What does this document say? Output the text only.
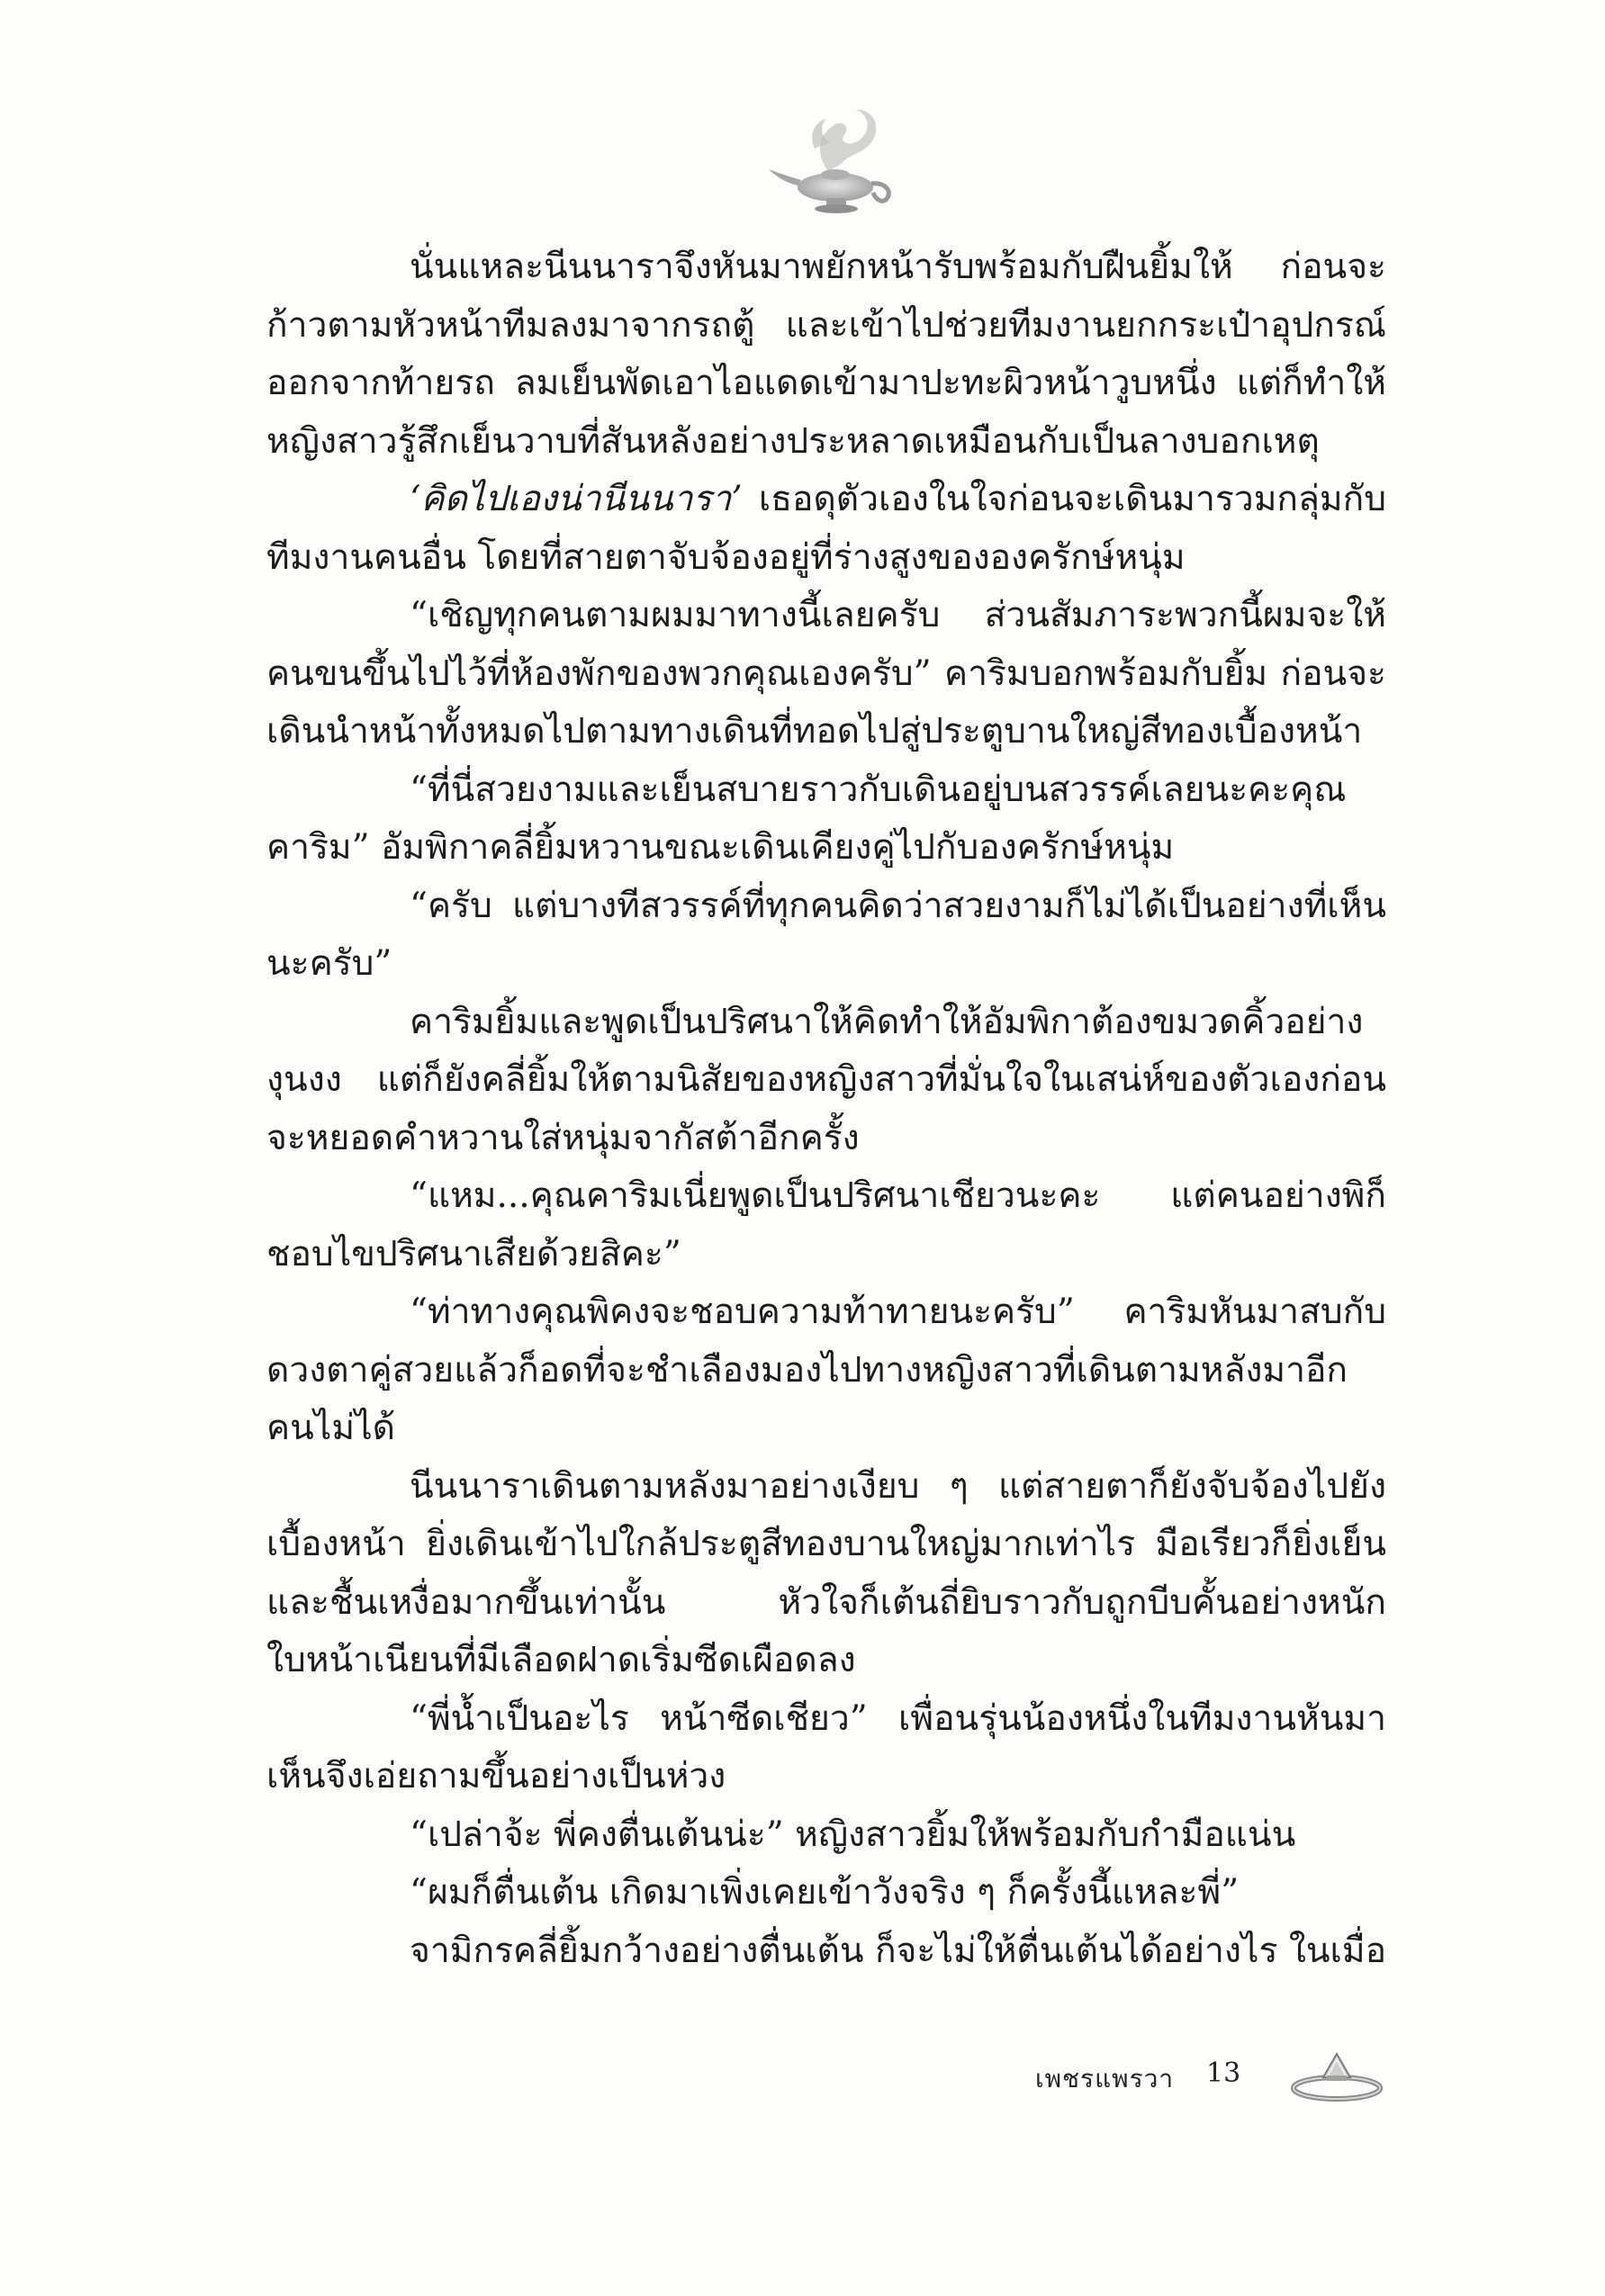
นั่นแหละนีนนาราจึงหันมาพยักหน้ารับพร้อมกับฝืนยิ้มให้ ก่อนจะก้าวตามหัวหน้าทีมลงมาจากรถตู้ และเข้าไปช่วยทีมงานยกกระเป๋าอุปกรณ์ออกจากท้ายรถ ลมเย็นพัดเอาไอแดดเข้ามาปะทะผิวหน้าวูบหนึ่ง แต่ก็ทำให้หญิงสาวรู้สึกเย็นวาบที่สันหลังอย่างประหลาดเหมือนกับเป็นลางบอกเหตุ

‘คิดไปเองน่านีนนารา’ เธอดุตัวเองในใจก่อนจะเดินมารวมกลุ่มกับทีมงานคนอื่น โดยที่สายตาจับจ้องอยู่ที่ร่างสูงขององครักษ์หนุ่ม

“เชิญทุกคนตามผมมาทางนี้เลยครับ ส่วนสัมภาระพวกนี้ผมจะให้คนขนขึ้นไปไว้ที่ห้องพักของพวกคุณเองครับ” คาริมบอกพร้อมกับยิ้ม ก่อนจะเดินนำหน้าทั้งหมดไปตามทางเดินที่ทอดไปสู่ประตูบานใหญ่สีทองเบื้องหน้า

“ที่นี่สวยงามและเย็นสบายราวกับเดินอยู่บนสวรรค์เลยนะคะคุณคาริม” อัมพิกาคลี่ยิ้มหวานขณะเดินเคียงคู่ไปกับองครักษ์หนุ่ม

“ครับ แต่บางทีสวรรค์ที่ทุกคนคิดว่าสวยงามก็ไม่ได้เป็นอย่างที่เห็นนะครับ”

คาริมยิ้มและพูดเป็นปริศนาให้คิดทำให้อัมพิกาต้องขมวดคิ้วอย่างงุนงง แต่ก็ยังคลี่ยิ้มให้ตามนิสัยของหญิงสาวที่มั่นใจในเสน่ห์ของตัวเองก่อนจะหยอดคำหวานใส่หนุ่มจากัสต้าอีกครั้ง

“แหม...คุณคาริมเนี่ยพูดเป็นปริศนาเชียวนะคะ แต่คนอย่างพิก็ชอบไขปริศนาเสียด้วยสิคะ”

“ท่าทางคุณพิคงจะชอบความท้าทายนะครับ” คาริมหันมาสบกับดวงตาคู่สวยแล้วก็อดที่จะชำเลืองมองไปทางหญิงสาวที่เดินตามหลังมาอีกคนไม่ได้

นีนนาราเดินตามหลังมาอย่างเงียบ ๆ แต่สายตาก็ยังจับจ้องไปยังเบื้องหน้า ยิ่งเดินเข้าไปใกล้ประตูสีทองบานใหญ่มากเท่าไร มือเรียวก็ยิ่งเย็นและชื้นเหงื่อมากขึ้นเท่านั้น หัวใจก็เต้นถี่ยิบราวกับถูกบีบคั้นอย่างหนักใบหน้าเนียนที่มีเลือดฝาดเริ่มซีดเผือดลง

“พี่น้ำเป็นอะไร หน้าซีดเชียว” เพื่อนรุ่นน้องหนึ่งในทีมงานหันมาเห็นจึงเอ่ยถามขึ้นอย่างเป็นห่วง

“เปล่าจ้ะ พี่คงตื่นเต้นน่ะ” หญิงสาวยิ้มให้พร้อมกับกำมือแน่น

“ผมก็ตื่นเต้น เกิดมาเพิ่งเคยเข้าวังจริง ๆ ก็ครั้งนี้แหละพี่”

จามิกรคลี่ยิ้มกว้างอย่างตื่นเต้น ก็จะไม่ให้ตื่นเต้นได้อย่างไร ในเมื่อ

เพชรแพรวา 13
